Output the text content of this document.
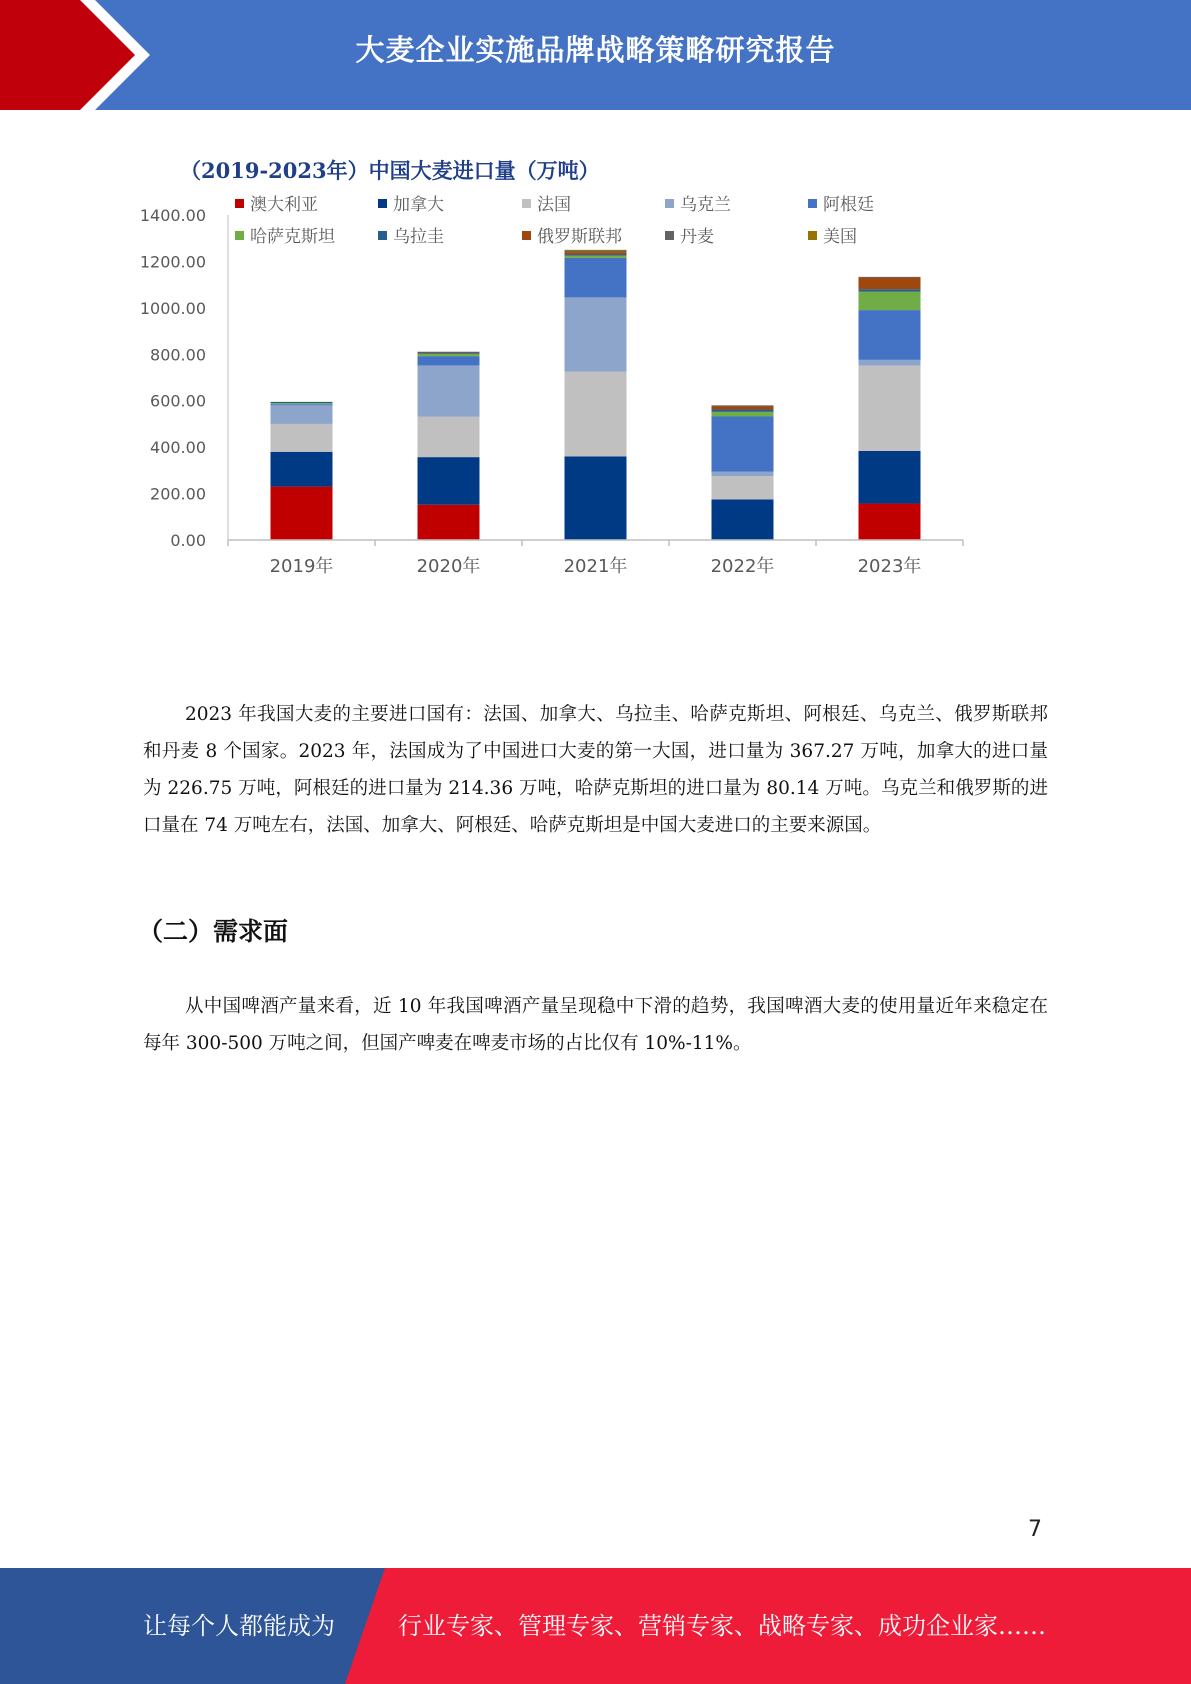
大麦企业实施品牌战略策略研究报告
（2019-2023年）中国大麦进口量（万吨）
澳大利亚	加拿大	法国	乌克兰	阿根廷
哈萨克斯坦	乌拉圭	俄罗斯联邦	丹麦	美国
0.00
200.00
400.00
600.00
800.00
1000.00
1200.00
1400.00
2019年	2020年	2021年	2022年	2023年

2023 年我国大麦的主要进口国有：法国、加拿大、乌拉圭、哈萨克斯坦、阿根廷、乌克兰、俄罗斯联邦和丹麦 8 个国家。2023 年，法国成为了中国进口大麦的第一大国，进口量为 367.27 万吨，加拿大的进口量为 226.75 万吨，阿根廷的进口量为 214.36 万吨，哈萨克斯坦的进口量为 80.14 万吨。乌克兰和俄罗斯的进口量在 74 万吨左右，法国、加拿大、阿根廷、哈萨克斯坦是中国大麦进口的主要来源国。

（二）需求面

从中国啤酒产量来看，近 10 年我国啤酒产量呈现稳中下滑的趋势，我国啤酒大麦的使用量近年来稳定在每年 300-500 万吨之间，但国产啤麦在啤麦市场的占比仅有 10%-11%。

7
让每个人都能成为	行业专家、管理专家、营销专家、战略专家、成功企业家……
